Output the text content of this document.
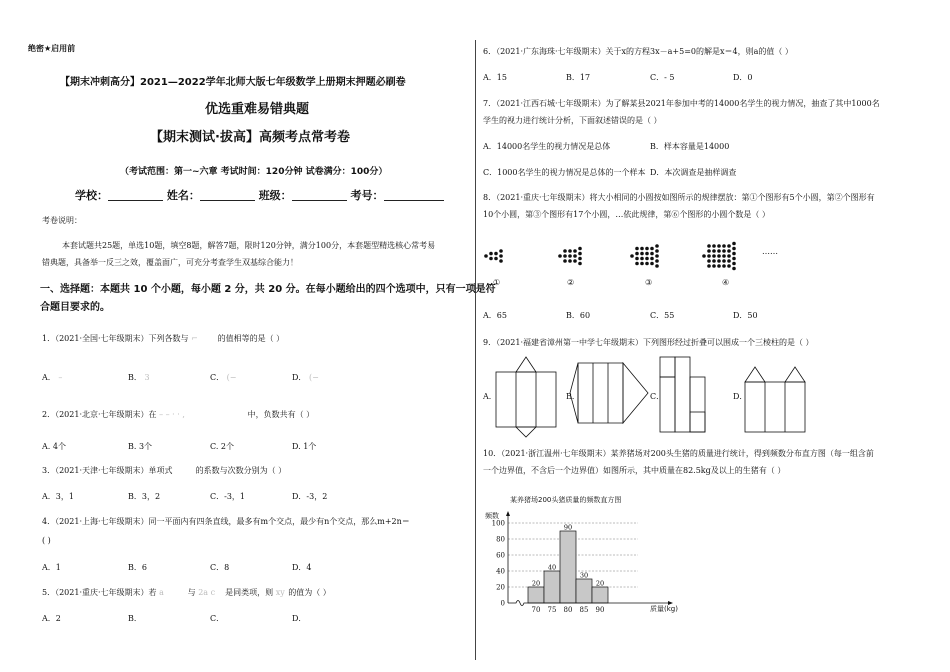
绝密★启用前
【期末冲刺高分】2021—2022学年北师大版七年级数学上册期末押题必刷卷
优选重难易错典题
【期末测试·拔高】高频考点常考卷
（考试范围：第一~六章 考试时间：120分钟 试卷满分：100分）
学校：	姓名：	班级：	考号：
考卷说明：
本套试题共25题，单选10题，填空8题，解答7题，限时120分钟，满分100分，本套题型精选核心常考易
错典题，具备举一反三之效，覆盖面广，可充分考查学生双基综合能力！
一、选择题：本题共 10 个小题，每小题 2 分，共 20 分。在每小题给出的四个选项中，只有一项是符
合题目要求的。
1．（2021·全国·七年级期末）下列各数与 ⌐ 的值相等的是（ ）
A． –	B． 3	C． (−	D． (−
2．（2021·北京·七年级期末）在 – – · · ,	中，负数共有（ ）
A. 4个	B. 3个	C. 2个	D. 1个
3．（2021·天津·七年级期末）单项式	的系数与次数分别为（ ）
A．3，1	B．3，2	C．-3，1	D．-3，2
4．（2021·上海·七年级期末）同一平面内有四条直线，最多有m个交点，最少有n个交点，那么m+2n＝
( )
A．1	B．6	C．8	D．4
5．（2021·重庆·七年级期末）若 a	与 2a c 是同类项，则 xy 的值为（ ）
A．2	B．	C．	D．
6．（2021·广东海珠·七年级期末）关于x的方程3x－a+5=0的解是x＝4，则a的值（ ）
A．15	B．17	C．- 5	D．0
7．（2021·江西石城·七年级期末）为了解某县2021年参加中考的14000名学生的视力情况，抽查了其中1000名
学生的视力进行统计分析，下面叙述错误的是（ ）
A．14000名学生的视力情况是总体	B．样本容量是14000
C．1000名学生的视力情况是总体的一个样本 D．本次调查是抽样调查
8．（2021·重庆·七年级期末）将大小相同的小圆按如图所示的规律摆放：第①个图形有5个小圆，第②个图形有
10个小圆，第③个图形有17个小圆，…依此规律，第⑥个图形的小圆个数是（ ）
①	②	③	④
……
A．65	B．60	C．55	D．50
9．（2021·福建省漳州第一中学七年级期末）下列图形经过折叠可以围成一个三棱柱的是（ ）
A．	B．	C．	D．
10．（2021·浙江温州·七年级期末）某养猪场对200头生猪的质量进行统计，得到频数分布直方图（每一组含前
一个边界值，不含后一个边界值）如图所示，其中质量在82.5kg及以上的生猪有（ ）
某养猪场200头猪质量的频数直方图
频数
质量(kg)
20
40
90
30
20
0
20
40
60
80
100
70 75 80 85 90
